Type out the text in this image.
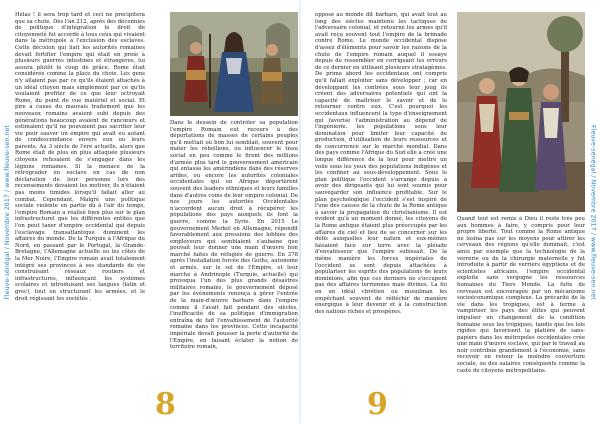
Fleuve-sénégal / Novembre 2017 / www.fleuve-sen.net

Hélas ! il sera trop tard et ceci ne précipitera que sa chute. Dès l'an 212, après des décennies de politique d'intégration le droit de citoyenneté fut accordé à tous ceux qui vivaient dans la métropole à l'exclusion des esclaves. Cette décision qui liait les autorités romaines devait fortifier l'empire qui était en proie à plusieurs guerres intestines et étrangères, lui assura plutôt le coup de grâce. Rome était considérée comme la place du choix. Les gens n'y allaient pas par ce qu'ils étaient attachés à un idéal citoyen mais simplement par ce qu'ils voulaient profiter de ce que leur octroyait Rome, du point de vue matériel et social. Et pire à cause du mauvais traitement que les nouveaux romains avaient subi depuis des générations beaucoup avaient de rancœurs et estimaient qu'il ne pouvaient pas sacrifier leur vie pour sauver un empire qui avait eu autant de condescendance envers eux ou leurs parents. Au 3 siècle de l'ère actuelle, alors que Rome était de plus en plus attaquée plusieurs citoyens refusaient de s'engager dans les légions romaines. Si la menace de la rétrograder en esclave en cas de non déclaration de leur personne lors des recensements devaient les motiver, ils n'étaient pas moins timides lorsqu'il fallait aller au combat. Cependant, Malgré une politique sociale violente en partie dû à l'air du temps, l'empire Romain a réalisé bien plus sur le plan infrastructurel que les différentes entités que l'on peut taxer d'empire occidental qui depuis l'esclavage transatlantique dominent les affaires du monde. De la Turquie à l'Afrique du Nord, en passant par le Portugal, la Grande-Bretagne, l'Allemagne actuelle ou les côtes de la Mer Noire, l'Empire romain avait totalement intégré ses provinces à ses standards de vie construisant réseaux routiers et infrastructures, influençant les systèmes scolaires et introduisant ses langues (latin et grec), tout en structurant les armées, et le droit régissant les sociétés .

Dans le dessein de contrôler sa population l'empire Romain eut recours à des déportations de masses de certains peuples qu'il mettait où bon lui semblait, souvent pour mater les rébellions, ou influencer le tissu social en peu comme le firent des millions d'armée plus tard le gouvernement américain qui entassa les amérindiens dans des réserves arides, ou encore les autorités coloniales occidentales qui en Afrique déportèrent souvent des leaders ethniques et leurs familles dans d'autres coins de leur empire colonial. De nos jours les autorités Occidentales n'accordent aucun droit à récupérer les populations des pays auxquels ils font la guerre, comme la Syrie. En 2015 Le gouvernement Merkel en Allemagne, répondit favorablement aux pressions des lobbies des employeurs qui semblaient s'aubaine que pouvait leur donner une main d'œuvre bon marché faites de réfugiés de guerre. En 378 après l'installation forcée des Goths, autonome et armés, sur le sol de l'Empire, et leur marche à Andrinople (Turquie, actuelle) qui provoqua l'un des plus grands désastres militaires romains, le gouvernement déposé par les événements renonça à gérer l'entrée de la main-d'œuvre barbare dans l'empire comme il l'avait fait pendant des siècles, l'inefficacité de sa politique d'immigration entraîna de fait l'envahissement de l'autorité romaine dans les provinces. Cette incapacité impériale devait pousser la perte d'autorité de l'Empire, en faisant éclater la notion de territoire romain,

8

opposé au monde dit barbare, qui avait tout au long des siècles maintenu les tactiques de l'adversaire colonial, et retourne les armes qu'il avait reçu souvent tout l'empire de la brimade contre Rome. Le monde occidental dispose d'assez d'éléments pour savoir les raisons de la chute de l'empire romain auquel il essaye depuis de ressembler en corrigeant les erreurs de ce dernier en utilisant plusieurs stratagèmes. De prime abord les occidentaux ont compris qu'il fallait exploiter sans développer ; car en développant les contrées sous leur joug ils créent des adversaires potentiels qui ont la capacité de maîtriser le savoir et de le retourner contre eux. C'est pourquoi les occidentaux influencent la type d'enseignement qui favorise l'administration au dépend de l'ingénierie. les populations sous leur domination pour limiter leur capacité de production, d'utilisation de leurs ressources et de concurrence sur le marché mondial. Dans des pays comme l'Afrique du Sud elle a créé une longue différence de la leur pour mettre un voile sous les yeux des populations indigènes et les confiner au sous-développement. Sous le plan politique l'occident s'arrange depuis à avoir des dirigeants qui lui sont soumis pour sauvegarder son influence profitable. Sur le plan psychologique l'occident s'est inspiré de l'une des causes de la chute de la Rome antique à savoir la propagation du christianisme. Il est évident qu'à un moment donné, les citoyens de la Rome antique étaient plus préoccupés par les affaires du ciel et lieu de se concerner sur les défis auxquelles leur nation et eux-mêmes faisaient face sur terre avec la pléiade d'envahisseur que l'empire subissait. De la même manière les forces impériales de l'occident se sont depuis attachées à populariser les esprits des populations de leurs dominions, afin que ces derniers ne s'occupent pas des affaires terriennes mais divines. La foi en un idéal chrétien ou musulman les empêchant souvent de réfléchir de manière énergique à leur devenir et à la construction des nations riches et prospères.

Quand tout est remis à Dieu il reste très peu aux hommes à faire, y compris pour leur propre liberté. Tout comme la Rome antique ne lésina pas sur les moyens pour attirer les cerveaux des régions qu'elle dominait, c'est ainsi par exemple que la technologie de la verrerie ou de la chirurgie maternelle y fut introduite à partir de verriers égyptiens et de scientistes africains, l'empire occidental exploite sans vergogne les ressources humaines du Tiers Monde. La fuite de cerveaux est encouragée par un mécanisme socioéconomique complexe. La précarité de la vie dans les tropiques, est à terme à vampiriser les pays des élites qui peuvent impulser un changement de la condition humaine sous les tropiques, tandis que les lois rigides qui favorisent la platière de sans-papiers dans les métropoles occidentales crée une main d'œuvre esclave, qui par le travail au noir contribue grandement à l'économie, sans recevoir en retour la moindre couverture sociale, ou des salaires conséquents comme la caste de citoyens métropolitains.

9
Fleuve-sénégal / Novembre 2017 / www.fleuve-sen.net
